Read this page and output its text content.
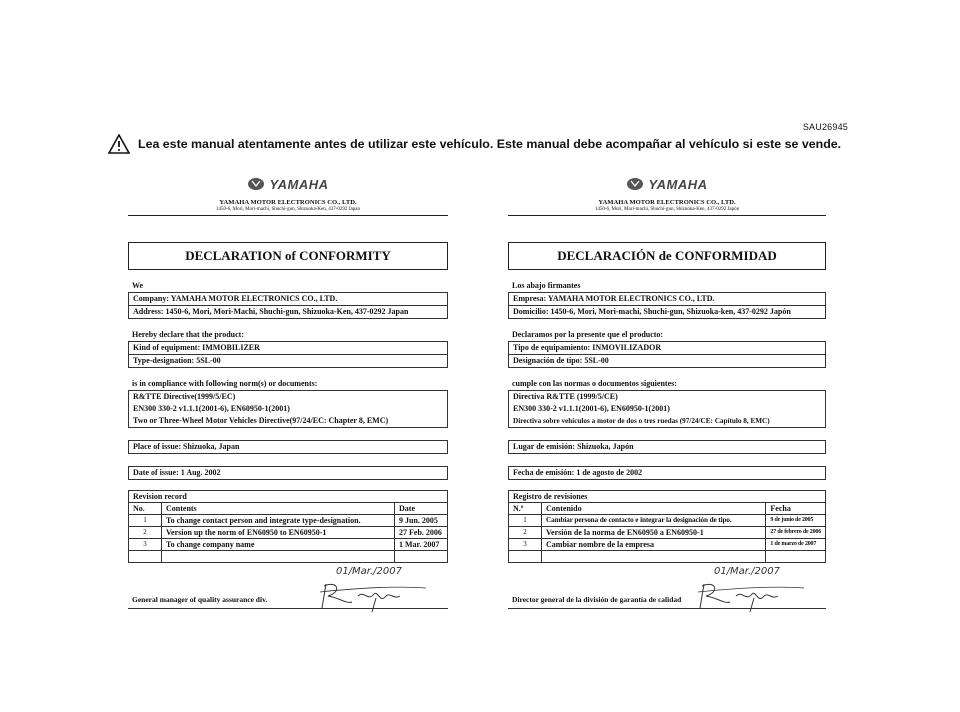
SAU26945
Lea este manual atentamente antes de utilizar este vehículo. Este manual debe acompañar al vehículo si este se vende.
YAMAHA
YAMAHA MOTOR ELECTRONICS CO., LTD.
1450-6, Mori, Mori-machi, Shuchi-gun, Shizuoka-Ken, 437-0292 Japan
DECLARATION of CONFORMITY
We
Company: YAMAHA MOTOR ELECTRONICS CO., LTD.
Address: 1450-6, Mori, Mori-Machi, Shuchi-gun, Shizuoka-Ken, 437-0292 Japan
Hereby declare that the product:
Kind of equipment: IMMOBILIZER
Type-designation: 5SL-00
is in compliance with following norm(s) or documents:
R&TTE Directive(1999/5/EC)
EN300 330-2 v1.1.1(2001-6), EN60950-1(2001)
Two or Three-Wheel Motor Vehicles Directive(97/24/EC: Chapter 8, EMC)
Place of issue: Shizuoka, Japan
Date of issue: 1 Aug. 2002
Revision record		
No.	Contents	Date
1	To change contact person and integrate type-designation.	9 Jun. 2005
2	Version up the norm of EN60950 to EN60950-1	27 Feb. 2006
3	To change company name	1 Mar. 2007

01/Mar./2007
General manager of quality assurance div.
YAMAHA
YAMAHA MOTOR ELECTRONICS CO., LTD.
1450-6, Mori, Mori-machi, Shuchi-gun, Shizuoka-Ken, 437-0292 Japón
DECLARACIÓN de CONFORMIDAD
Los abajo firmantes
Empresa: YAMAHA MOTOR ELECTRONICS CO., LTD.
Domicilio: 1450-6, Mori, Mori-machi, Shuchi-gun, Shizuoka-ken, 437-0292 Japón
Declaramos por la presente que el producto:
Tipo de equipamiento: INMOVILIZADOR
Designación de tipo: 5SL-00
cumple con las normas o documentos siguientes:
Directiva R&TTE (1999/5/CE)
EN300 330-2 v1.1.1(2001-6), EN60950-1(2001)
Directiva sobre vehículos a motor de dos o tres ruedas (97/24/CE: Capítulo 8, EMC)
Lugar de emisión: Shizuoka, Japón
Fecha de emisión: 1 de agosto de 2002
Registro de revisiones		
N.º	Contenido	Fecha
1	Cambiar persona de contacto e integrar la designación de tipo.	9 de junio de 2005
2	Versión de la norma de EN60950 a EN60950-1	27 de febrero de 2006
3	Cambiar nombre de la empresa	1 de marzo de 2007

01/Mar./2007
Director general de la división de garantía de calidad
